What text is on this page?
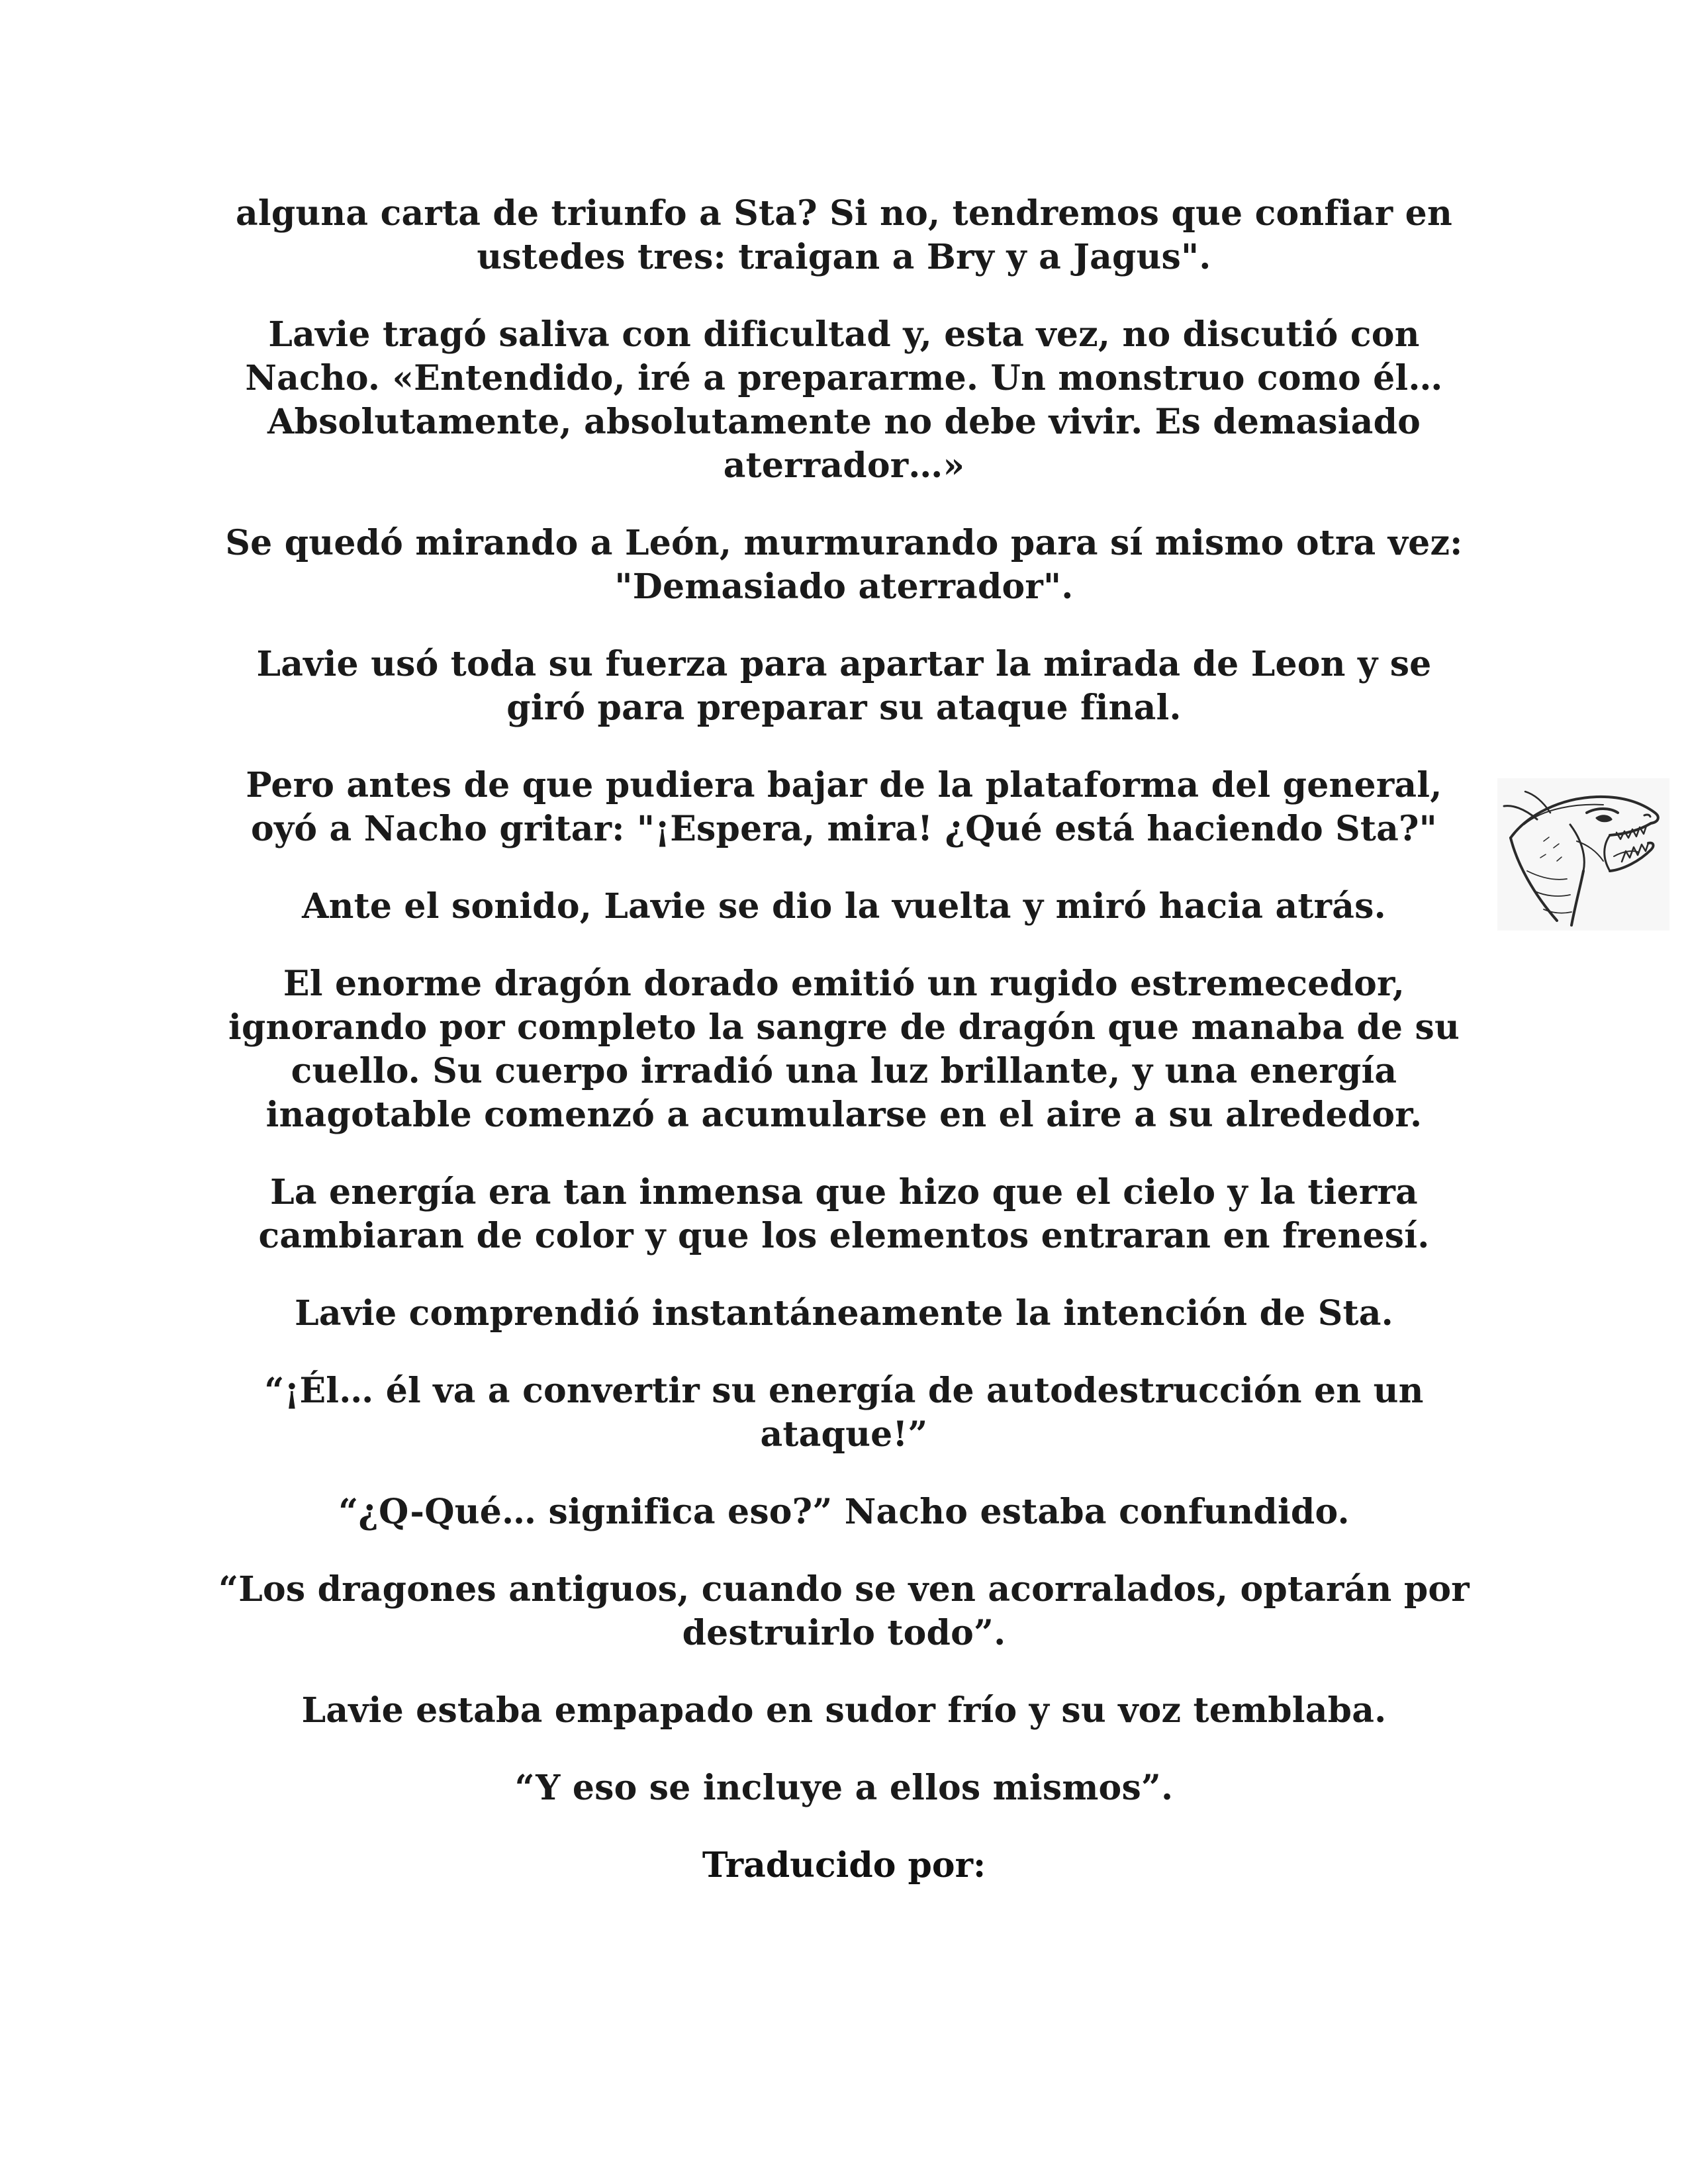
alguna carta de triunfo a Sta? Si no, tendremos que confiar en ustedes tres: traigan a Bry y a Jagus".

Lavie tragó saliva con dificultad y, esta vez, no discutió con Nacho. «Entendido, iré a prepararme. Un monstruo como él… Absolutamente, absolutamente no debe vivir. Es demasiado aterrador…»

Se quedó mirando a León, murmurando para sí mismo otra vez: "Demasiado aterrador".

Lavie usó toda su fuerza para apartar la mirada de Leon y se giró para preparar su ataque final.

Pero antes de que pudiera bajar de la plataforma del general, oyó a Nacho gritar: "¡Espera, mira! ¿Qué está haciendo Sta?"

Ante el sonido, Lavie se dio la vuelta y miró hacia atrás.

El enorme dragón dorado emitió un rugido estremecedor, ignorando por completo la sangre de dragón que manaba de su cuello. Su cuerpo irradió una luz brillante, y una energía inagotable comenzó a acumularse en el aire a su alrededor.

La energía era tan inmensa que hizo que el cielo y la tierra cambiaran de color y que los elementos entraran en frenesí.

Lavie comprendió instantáneamente la intención de Sta.

“¡Él… él va a convertir su energía de autodestrucción en un ataque!”

“¿Q-Qué… significa eso?” Nacho estaba confundido.

“Los dragones antiguos, cuando se ven acorralados, optarán por destruirlo todo”.

Lavie estaba empapado en sudor frío y su voz temblaba.

“Y eso se incluye a ellos mismos”.

Traducido por:
